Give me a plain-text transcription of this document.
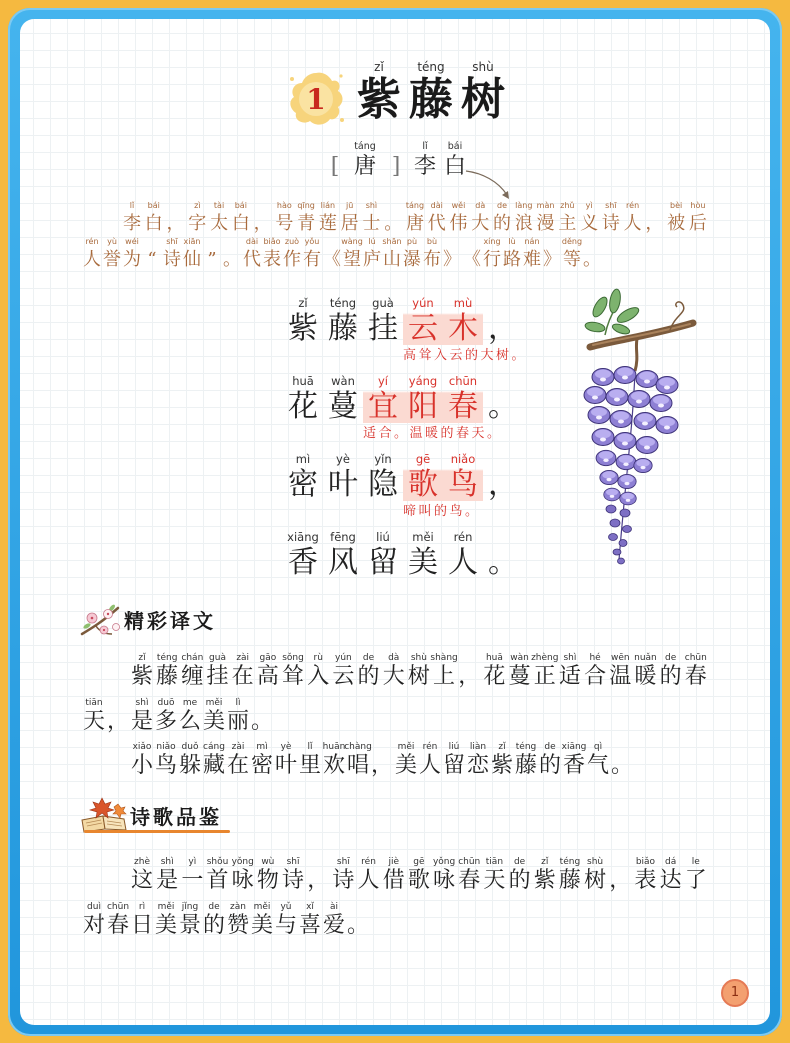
1
zǐ
紫
téng
藤
shù
树
[
táng
唐 ]
lǐ
李
bái
白
lǐ
李
bái
白 ，
zì
字
tài
太
bái
白 ，
hào
号
qīng
青
lián
莲
jū
居
shì
士 。
táng
唐
dài
代
wěi
伟
dà
大
de
的
làng
浪
màn
漫
zhǔ
主
yì
义
shī
诗
rén
人 ，
bèi
被
hòu
后
rén
人
yù
誉
wéi
为 “
shī
诗
xiān
仙 ” 。
dài
代
biǎo
表
zuò
作
yǒu
有 《
wàng
望
lú
庐
shān
山
pù
瀑
bù
布 》 《
xíng
行
lù
路
nán
难 》
děng
等 。
zǐ
紫
téng
藤
guà
挂
yún
云
mù
木 ，
高耸入云的大树。
huā
花
wàn
蔓
yí
宜
yáng
阳
chūn
春 。
适合。温暖的春天。
mì
密
yè
叶
yǐn
隐
gē
歌
niǎo
鸟 ，
啼叫的鸟。
xiāng
香
fēng
风
liú
留
měi
美
rén
人 。
精彩译文
zǐ
紫
téng
藤
chán
缠
guà
挂
zài
在
gāo
高
sǒng
耸
rù
入
yún
云
de
的
dà
大
shù
树
shàng
上 ，
huā
花
wàn
蔓
zhèng
正
shì
适
hé
合
wēn
温
nuǎn
暖
de
的
chūn
春
tiān
天 ，
shì
是
duō
多
me
么
měi
美
lì
丽 。
xiǎo
小
niǎo
鸟
duǒ
躲
cáng
藏
zài
在
mì
密
yè
叶
lǐ
里
huān
欢
chàng
唱 ，
měi
美
rén
人
liú
留
liàn
恋
zǐ
紫
téng
藤
de
的
xiāng
香
qì
气 。
诗歌品鉴
zhè
这
shì
是
yì
一
shǒu
首
yǒng
咏
wù
物
shī
诗 ，
shī
诗
rén
人
jiè
借
gē
歌
yǒng
咏
chūn
春
tiān
天
de
的
zǐ
紫
téng
藤
shù
树 ，
biǎo
表
dá
达
le
了
duì
对
chūn
春
rì
日
měi
美
jǐng
景
de
的
zàn
赞
měi
美
yǔ
与
xǐ
喜
ài
爱 。
1
